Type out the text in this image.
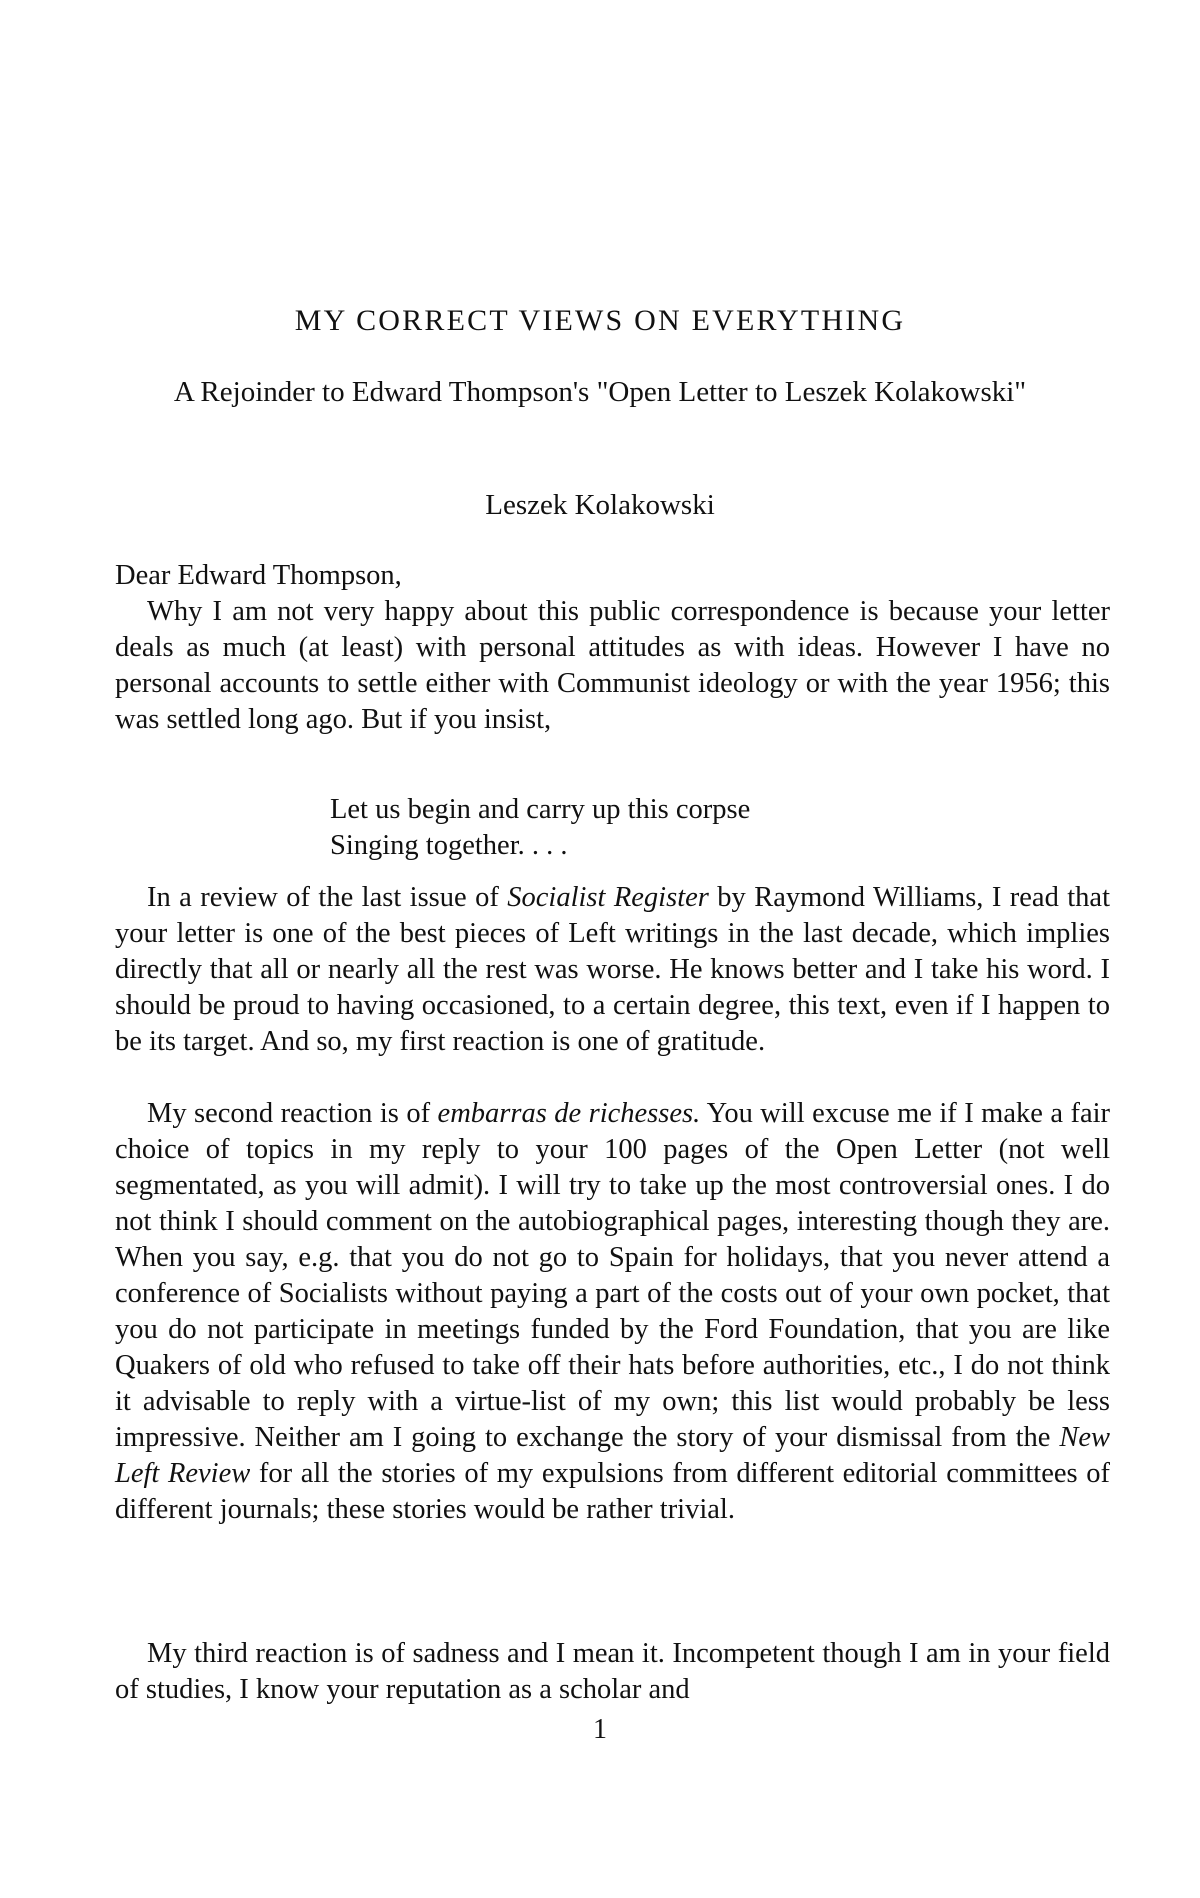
MY CORRECT VIEWS ON EVERYTHING

A Rejoinder to Edward Thompson's "Open Letter to Leszek Kolakowski"

Leszek Kolakowski

Dear Edward Thompson,

Why I am not very happy about this public correspondence is because your letter deals as much (at least) with personal attitudes as with ideas. However I have no personal accounts to settle either with Communist ideology or with the year 1956; this was settled long ago. But if you insist,

Let us begin and carry up this corpse
Singing together. . . .

In a review of the last issue of Socialist Register by Raymond Williams, I read that your letter is one of the best pieces of Left writings in the last decade, which implies directly that all or nearly all the rest was worse. He knows better and I take his word. I should be proud to having occasioned, to a certain degree, this text, even if I happen to be its target. And so, my first reaction is one of gratitude.

My second reaction is of embarras de richesses. You will excuse me if I make a fair choice of topics in my reply to your 100 pages of the Open Letter (not well segmentated, as you will admit). I will try to take up the most controversial ones. I do not think I should comment on the autobiographical pages, interesting though they are. When you say, e.g. that you do not go to Spain for holidays, that you never attend a conference of Socialists without paying a part of the costs out of your own pocket, that you do not participate in meetings funded by the Ford Foundation, that you are like Quakers of old who refused to take off their hats before authorities, etc., I do not think it advisable to reply with a virtue-list of my own; this list would probably be less impressive. Neither am I going to exchange the story of your dismissal from the New Left Review for all the stories of my expulsions from different editorial committees of different journals; these stories would be rather trivial.

My third reaction is of sadness and I mean it. Incompetent though I am in your field of studies, I know your reputation as a scholar and

1
